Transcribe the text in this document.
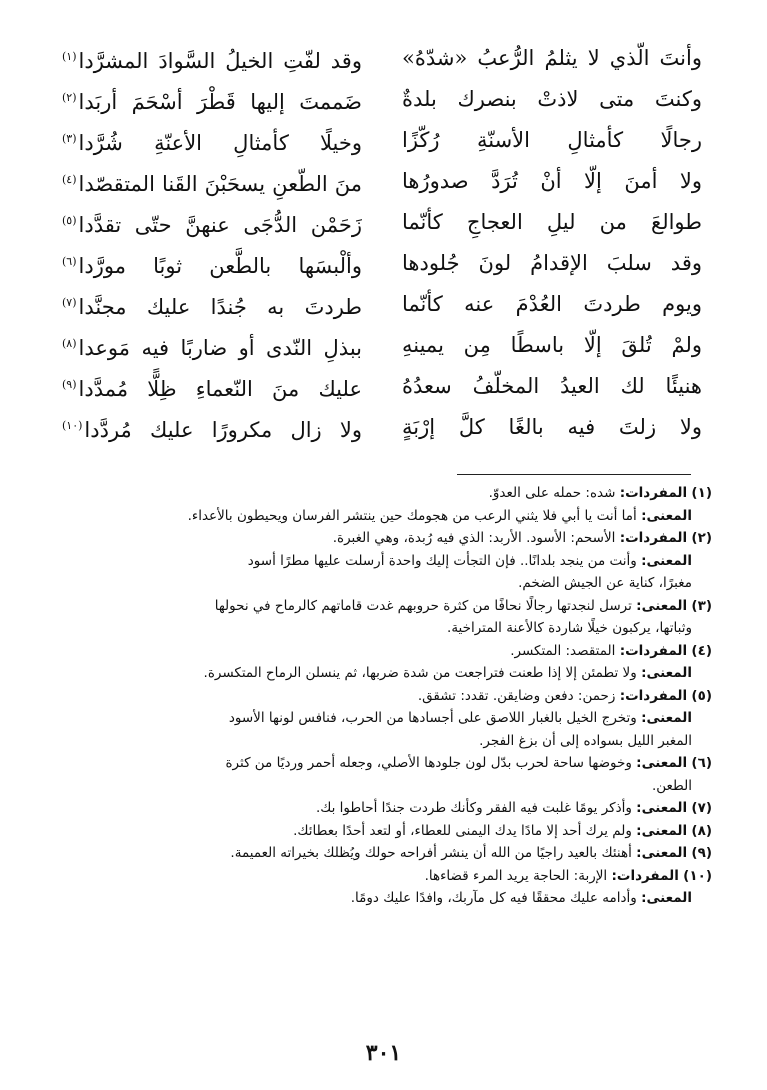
وأنتَ الّذي لا يثلمُ الرُّعبُ «شدّهُ»
وقد لفّتِ الخيلُ السَّوادَ المشرَّدا$^{(١)}$
وكنتَ متى لاذتْ بنصرك بلدةٌ
ضَممتَ إليها قَطْرَ أسْحَمَ أربَدا$^{(٢)}$
رجالًا كأمثالِ الأسنّةِ رُكّزًا
وخيلًا كأمثالِ الأعنّةِ شُرَّدا$^{(٣)}$
ولا أمنَ إلّا أنْ تُرَدَّ صدورُها
منَ الطّعنِ يسحَبْنَ القَنا المتقصّدا$^{(٤)}$
طوالعَ من ليلِ العجاجِ كأنّما
زَحَمْن الدُّجَى عنهنَّ حتّى تقدَّدا$^{(٥)}$
وقد سلبَ الإقدامُ لونَ جُلودها
وألْبسَها بالطَّعن ثوبًا مورَّدا$^{(٦)}$
ويوم طردتَ العُدْمَ عنه كأنّما
طردتَ به جُندًا عليك مجنَّدا$^{(٧)}$
ولمْ تُلقَ إلّا باسطًا مِن يمينهِ
ببذلِ النّدى أو ضاربًا فيه مَوعدا$^{(٨)}$
هنيئًا لك العيدُ المخلّفُ سعدُهُ
عليك منَ النّعماءِ ظِلًّا مُمدَّدا$^{(٩)}$
ولا زلتَ فيه بالغًا كلَّ إرْبَةٍ
ولا زال مكرورًا عليك مُردَّدا$^{(١٠)}$
(١) المفردات: شده: حمله على العدوّ.
المعنى: أما أنت يا أبي فلا يثني الرعب من هجومك حين ينتشر الفرسان ويحيطون بالأعداء.
(٢) المفردات: الأسحم: الأسود. الأربد: الذي فيه رُبدة، وهي الغبرة.
المعنى: وأنت من ينجد بلدانًا.. فإن التجأت إليك واحدة أرسلت عليها مطرًا أسود
مغبرًا، كناية عن الجيش الضخم.
(٣) المعنى: ترسل لنجدتها رجالًا نحافًا من كثرة حروبهم غدت قاماتهم كالرماح في نحولها
وثباتها، يركبون خيلًا شاردة كالأعنة المتراخية.
(٤) المفردات: المتقصد: المتكسر.
المعنى: ولا تطمئن إلا إذا طعنت فتراجعت من شدة ضربها، ثم ينسلن الرماح المتكسرة.
(٥) المفردات: زحمن: دفعن وضايقن. تقدد: تشقق.
المعنى: وتخرج الخيل بالغبار اللاصق على أجسادها من الحرب، فنافس لونها الأسود
المغبر الليل بسواده إلى أن بزغ الفجر.
(٦) المعنى: وخوضها ساحة لحرب بدّل لون جلودها الأصلي، وجعله أحمر ورديًا من كثرة
الطعن.
(٧) المعنى: وأذكر يومًا غلبت فيه الفقر وكأنك طردت جندًا أحاطوا بك.
(٨) المعنى: ولم يرك أحد إلا مادًا يدك اليمنى للعطاء، أو لتعد أحدًا بعطائك.
(٩) المعنى: أهنئك بالعيد راجيًا من الله أن ينشر أفراحه حولك ويُظلك بخيراته العميمة.
(١٠) المفردات: الإربة: الحاجة يريد المرء قضاءها.
المعنى: وأدامه عليك محققًا فيه كل مآربك، وافدًا عليك دومًا.
٣٠١
